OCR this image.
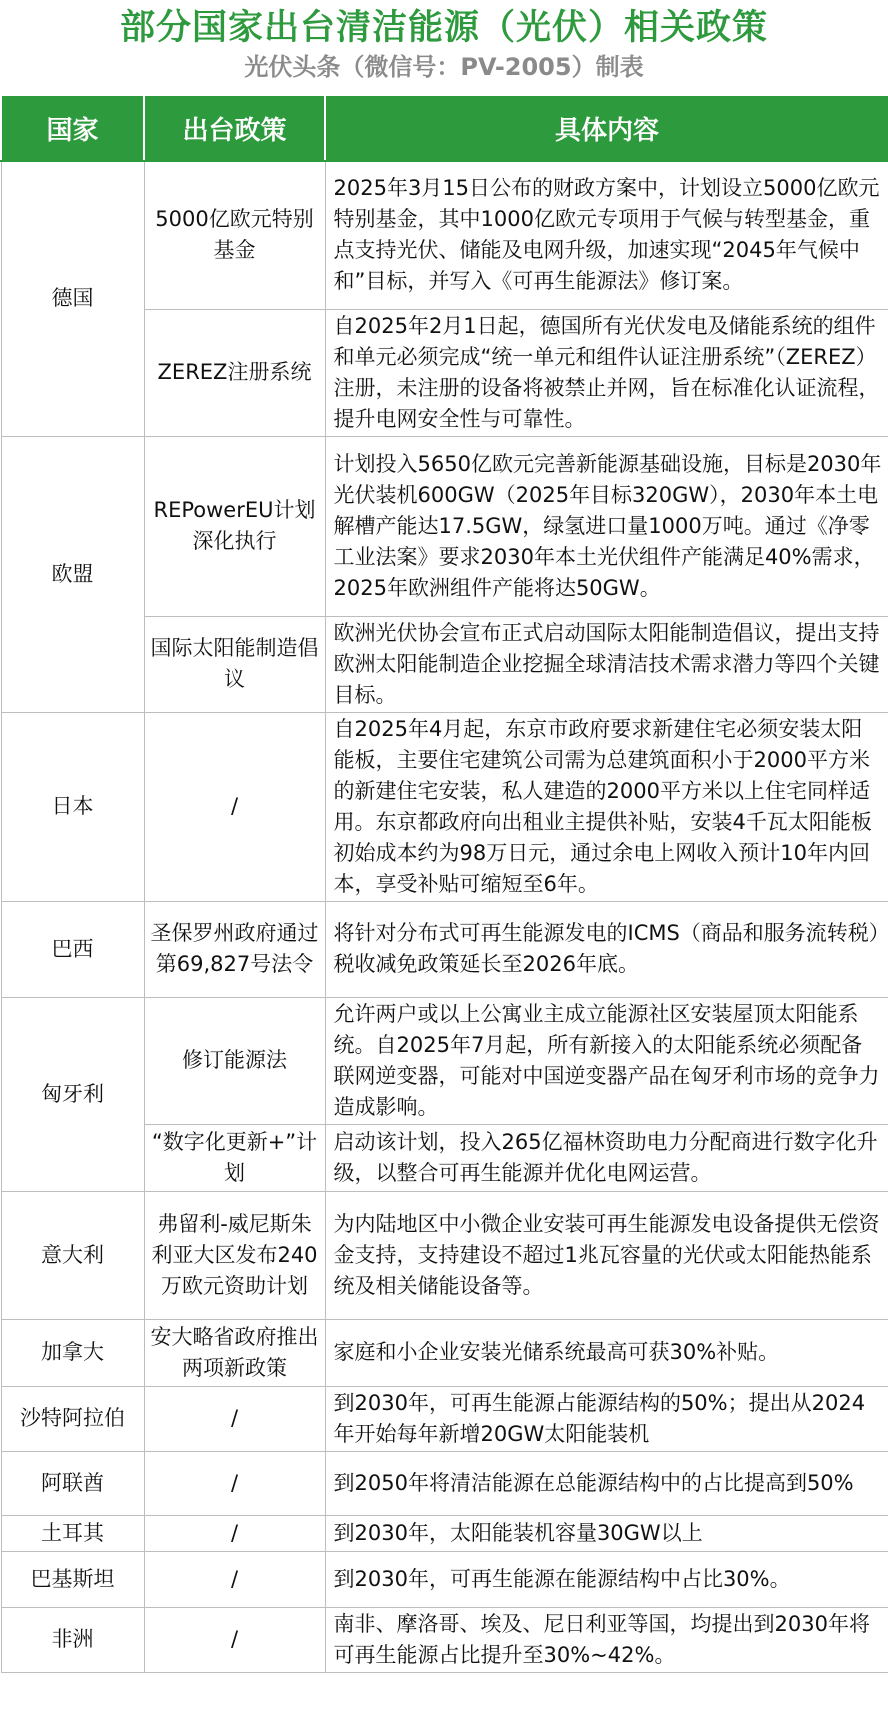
部分国家出台清洁能源（光伏）相关政策
光伏头条（微信号：PV-2005）制表
国家	出台政策	具体内容
德国	5000亿欧元特别基金	2025年3月15日公布的财政方案中，计划设立5000亿欧元特别基金，其中1000亿欧元专项用于气候与转型基金，重点支持光伏、储能及电网升级，加速实现“2045年气候中和”目标，并写入《可再生能源法》修订案。
	ZEREZ注册系统	自2025年2月1日起，德国所有光伏发电及储能系统的组件和单元必须完成“统一单元和组件认证注册系统”（ZEREZ）注册，未注册的设备将被禁止并网，旨在标准化认证流程，提升电网安全性与可靠性。
欧盟	REPowerEU计划深化执行	计划投入5650亿欧元完善新能源基础设施，目标是2030年光伏装机600GW（2025年目标320GW），2030年本土电解槽产能达17.5GW，绿氢进口量1000万吨。通过《净零工业法案》要求2030年本土光伏组件产能满足40%需求，2025年欧洲组件产能将达50GW。
	国际太阳能制造倡议	欧洲光伏协会宣布正式启动国际太阳能制造倡议，提出支持欧洲太阳能制造企业挖掘全球清洁技术需求潜力等四个关键目标。
日本	/	自2025年4月起，东京市政府要求新建住宅必须安装太阳能板，主要住宅建筑公司需为总建筑面积小于2000平方米的新建住宅安装，私人建造的2000平方米以上住宅同样适用。东京都政府向出租业主提供补贴，安装4千瓦太阳能板初始成本约为98万日元，通过余电上网收入预计10年内回本，享受补贴可缩短至6年。
巴西	圣保罗州政府通过第69,827号法令	将针对分布式可再生能源发电的ICMS（商品和服务流转税）税收减免政策延长至2026年底。
匈牙利	修订能源法	允许两户或以上公寓业主成立能源社区安装屋顶太阳能系统。自2025年7月起，所有新接入的太阳能系统必须配备联网逆变器，可能对中国逆变器产品在匈牙利市场的竞争力造成影响。
	“数字化更新+”计划	启动该计划，投入265亿福林资助电力分配商进行数字化升级，以整合可再生能源并优化电网运营。
意大利	弗留利-威尼斯朱利亚大区发布240万欧元资助计划	为内陆地区中小微企业安装可再生能源发电设备提供无偿资金支持，支持建设不超过1兆瓦容量的光伏或太阳能热能系统及相关储能设备等。
加拿大	安大略省政府推出两项新政策	家庭和小企业安装光储系统最高可获30%补贴。
沙特阿拉伯	/	到2030年，可再生能源占能源结构的50%；提出从2024年开始每年新增20GW太阳能装机
阿联酋	/	到2050年将清洁能源在总能源结构中的占比提高到50%
土耳其	/	到2030年，太阳能装机容量30GW以上
巴基斯坦	/	到2030年，可再生能源在能源结构中占比30%。
非洲	/	南非、摩洛哥、埃及、尼日利亚等国，均提出到2030年将可再生能源占比提升至30%~42%。
